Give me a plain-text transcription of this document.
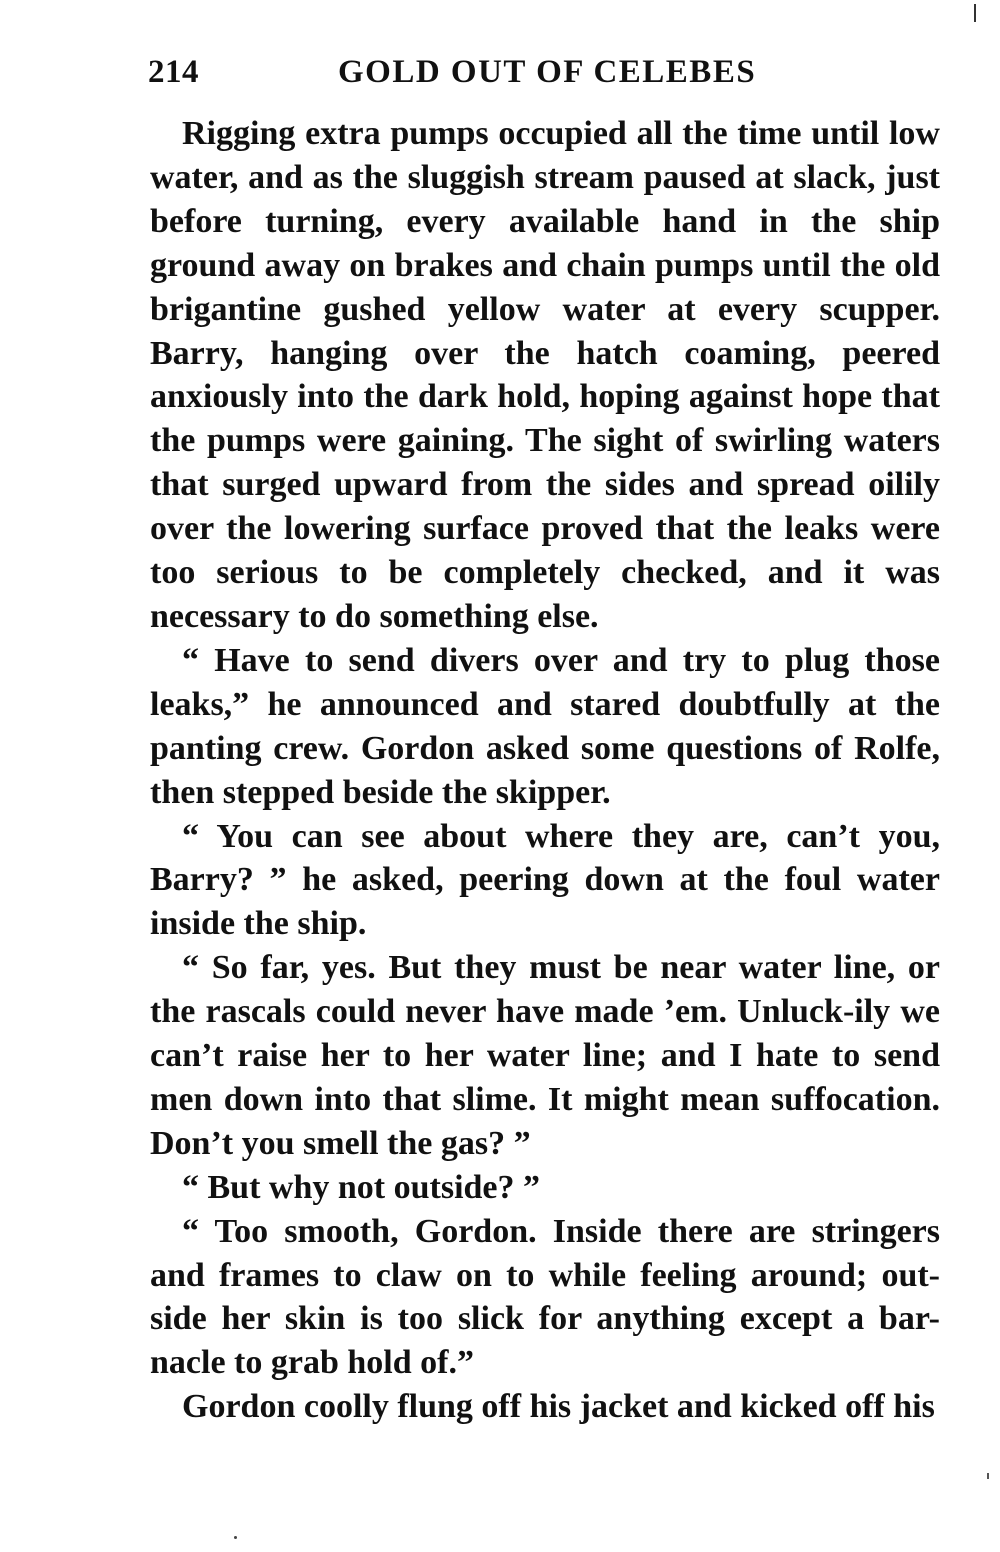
214	GOLD OUT OF CELEBES

Rigging extra pumps occupied all the time until low water, and as the sluggish stream paused at slack, just before turning, every available hand in the ship ground away on brakes and chain pumps until the old brigantine gushed yellow water at every scupper. Barry, hanging over the hatch coaming, peered anxiously into the dark hold, hoping against hope that the pumps were gaining. The sight of swirling waters that surged upward from the sides and spread oilily over the lowering surface proved that the leaks were too serious to be completely checked, and it was necessary to do something else.

“ Have to send divers over and try to plug those leaks,” he announced and stared doubtfully at the panting crew. Gordon asked some questions of Rolfe, then stepped beside the skipper.

“ You can see about where they are, can’t you, Barry? ” he asked, peering down at the foul water inside the ship.

“ So far, yes. But they must be near water line, or the rascals could never have made ’em. Unluck-ily we can’t raise her to her water line; and I hate to send men down into that slime. It might mean suffocation. Don’t you smell the gas? ”

“ But why not outside? ”

“ Too smooth, Gordon. Inside there are stringers and frames to claw on to while feeling around; out-side her skin is too slick for anything except a bar-nacle to grab hold of.”

Gordon coolly flung off his jacket and kicked off his
